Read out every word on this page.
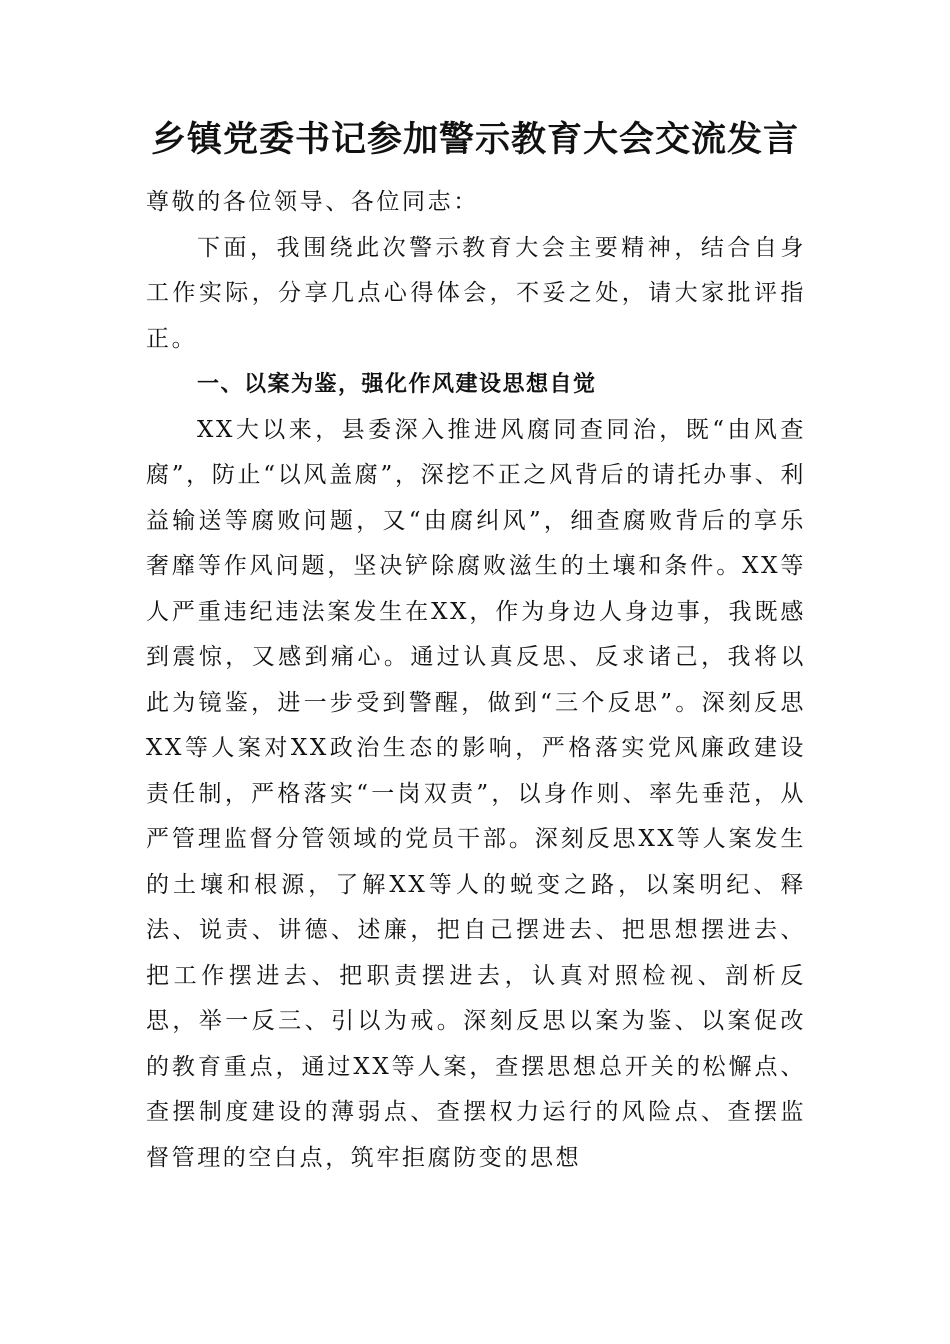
乡镇党委书记参加警示教育大会交流发言

尊敬的各位领导、各位同志：

下面，我围绕此次警示教育大会主要精神，结合自身工作实际，分享几点心得体会，不妥之处，请大家批评指正。

一、以案为鉴，强化作风建设思想自觉

XX大以来，县委深入推进风腐同查同治，既“由风查腐”，防止“以风盖腐”，深挖不正之风背后的请托办事、利益输送等腐败问题，又“由腐纠风”，细查腐败背后的享乐奢靡等作风问题，坚决铲除腐败滋生的土壤和条件。XX等人严重违纪违法案发生在XX，作为身边人身边事，我既感到震惊，又感到痛心。通过认真反思、反求诸己，我将以此为镜鉴，进一步受到警醒，做到“三个反思”。深刻反思XX等人案对XX政治生态的影响，严格落实党风廉政建设责任制，严格落实“一岗双责”，以身作则、率先垂范，从严管理监督分管领域的党员干部。深刻反思XX等人案发生的土壤和根源，了解XX等人的蜕变之路，以案明纪、释法、说责、讲德、述廉，把自己摆进去、把思想摆进去、把工作摆进去、把职责摆进去，认真对照检视、剖析反思，举一反三、引以为戒。深刻反思以案为鉴、以案促改的教育重点，通过XX等人案，查摆思想总开关的松懈点、查摆制度建设的薄弱点、查摆权力运行的风险点、查摆监督管理的空白点，筑牢拒腐防变的思想
